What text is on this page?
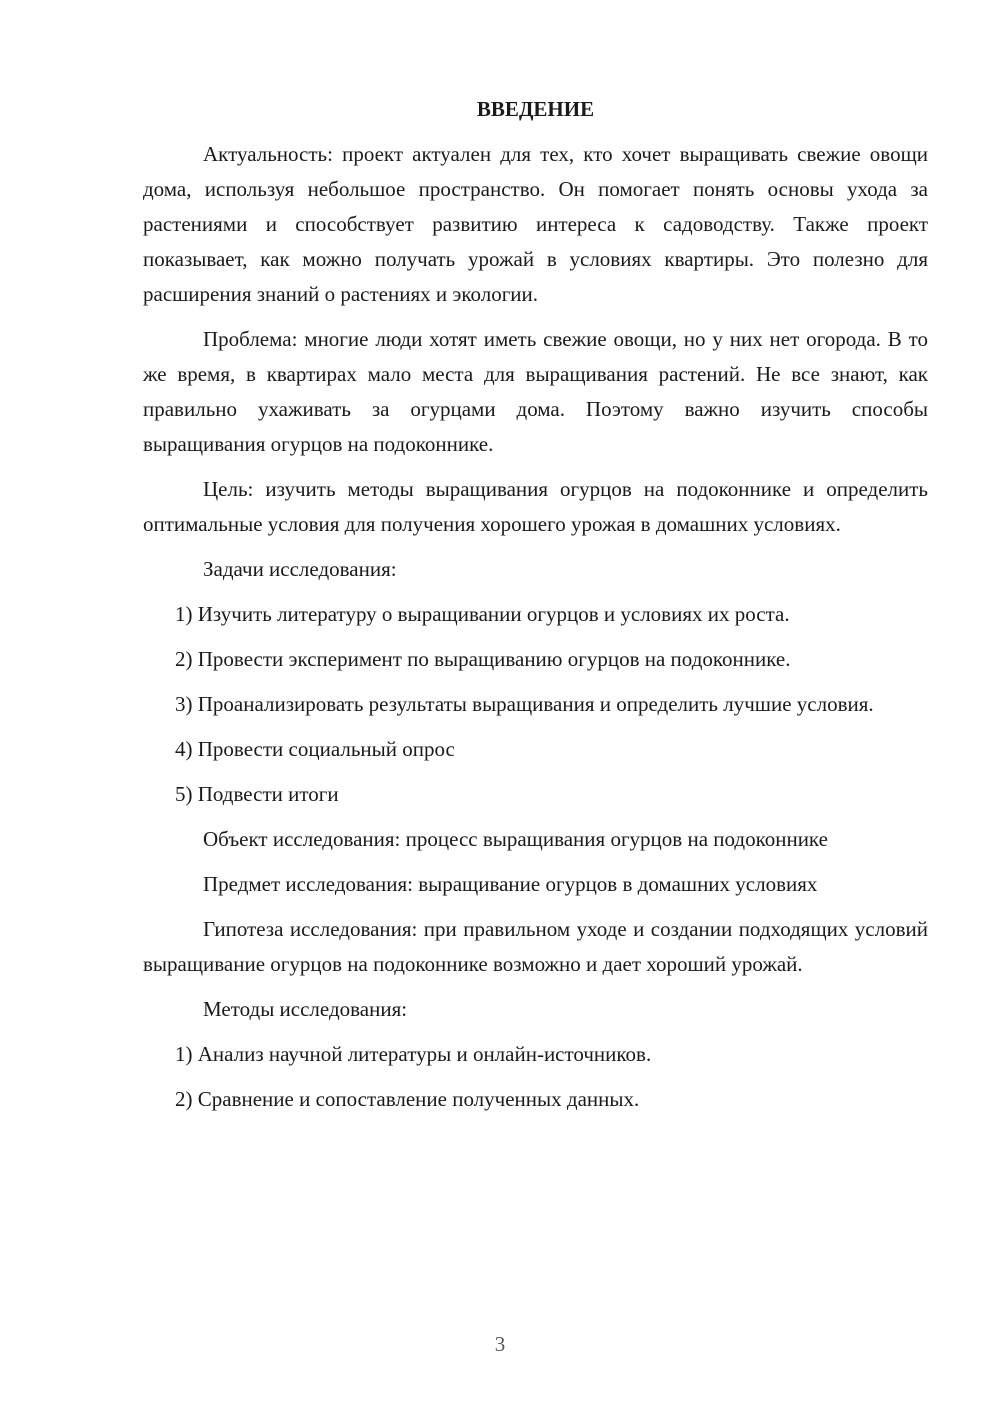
ВВЕДЕНИЕ

Актуальность: проект актуален для тех, кто хочет выращивать свежие овощи дома, используя небольшое пространство. Он помогает понять основы ухода за растениями и способствует развитию интереса к садоводству. Также проект показывает, как можно получать урожай в условиях квартиры. Это полезно для расширения знаний о растениях и экологии.

Проблема: многие люди хотят иметь свежие овощи, но у них нет огорода. В то же время, в квартирах мало места для выращивания растений. Не все знают, как правильно ухаживать за огурцами дома. Поэтому важно изучить способы выращивания огурцов на подоконнике.

Цель: изучить методы выращивания огурцов на подоконнике и определить оптимальные условия для получения хорошего урожая в домашних условиях.

Задачи исследования:

1) Изучить литературу о выращивании огурцов и условиях их роста.

2) Провести эксперимент по выращиванию огурцов на подоконнике.

3) Проанализировать результаты выращивания и определить лучшие условия.

4) Провести социальный опрос

5) Подвести итоги

Объект исследования: процесс выращивания огурцов на подоконнике

Предмет исследования: выращивание огурцов в домашних условиях

Гипотеза исследования: при правильном уходе и создании подходящих условий выращивание огурцов на подоконнике возможно и дает хороший урожай.

Методы исследования:

1) Анализ научной литературы и онлайн-источников.

2) Сравнение и сопоставление полученных данных.

3
